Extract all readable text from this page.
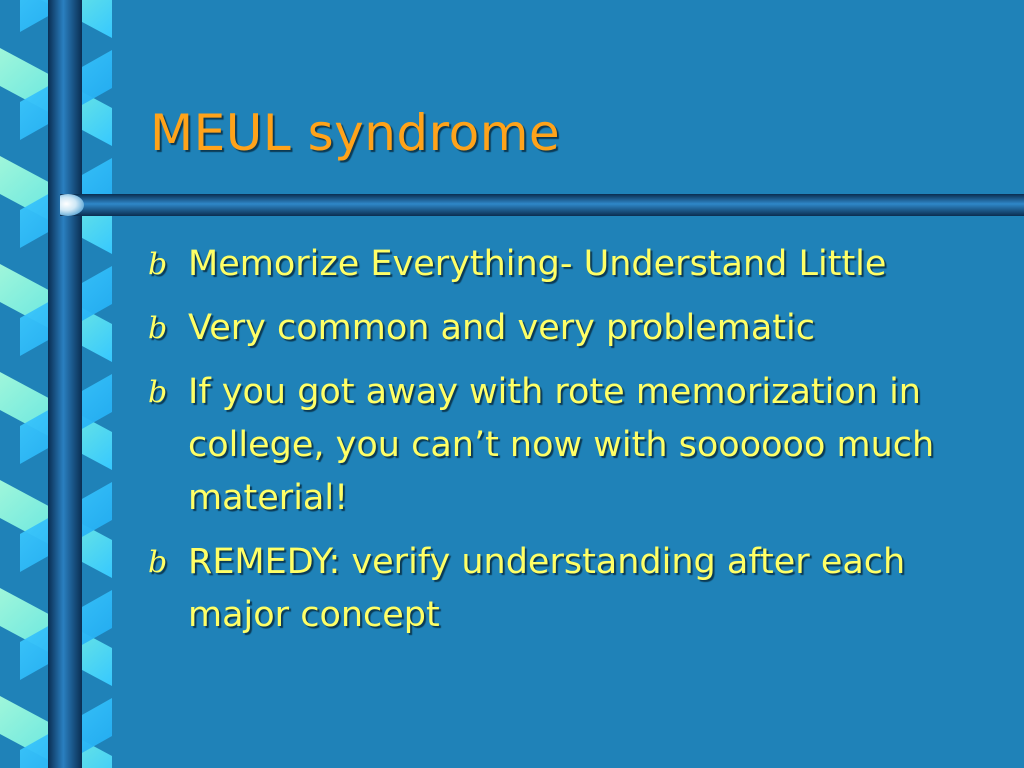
MEUL syndrome
b Memorize Everything- Understand Little
b Very common and very problematic
b If you got away with rote memorization in college, you can’t now with soooooo much material!
b REMEDY: verify understanding after each major concept
